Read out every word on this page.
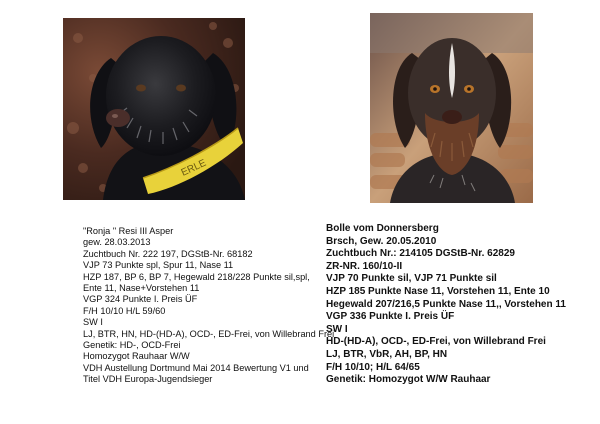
ERLE
"Ronja " Resi III Asper
gew. 28.03.2013
Zuchtbuch Nr. 222 197, DGStB-Nr. 68182
VJP 73 Punkte spl, Spur 11, Nase 11
HZP 187, BP 6, BP 7, Hegewald 218/228 Punkte sil,spl,
Ente 11, Nase+Vorstehen 11
VGP 324 Punkte I. Preis ÜF
F/H 10/10 H/L 59/60
SW I
LJ, BTR, HN, HD-(HD-A), OCD-, ED-Frei, von Willebrand Frei
Genetik: HD-, OCD-Frei
Homozygot Rauhaar W/W
VDH Austellung Dortmund Mai 2014 Bewertung V1 und
Titel VDH Europa-Jugendsieger
Bolle vom Donnersberg
Brsch, Gew. 20.05.2010
Zuchtbuch Nr.: 214105 DGStB-Nr. 62829
ZR-NR. 160/10-II
VJP 70 Punkte sil, VJP 71 Punkte sil
HZP 185 Punkte Nase 11, Vorstehen 11, Ente 10
Hegewald 207/216,5 Punkte Nase 11,, Vorstehen 11
VGP 336 Punkte I. Preis ÜF
SW I
HD-(HD-A), OCD-, ED-Frei, von Willebrand Frei
LJ, BTR, VbR, AH, BP, HN
F/H 10/10; H/L 64/65
Genetik: Homozygot W/W Rauhaar
